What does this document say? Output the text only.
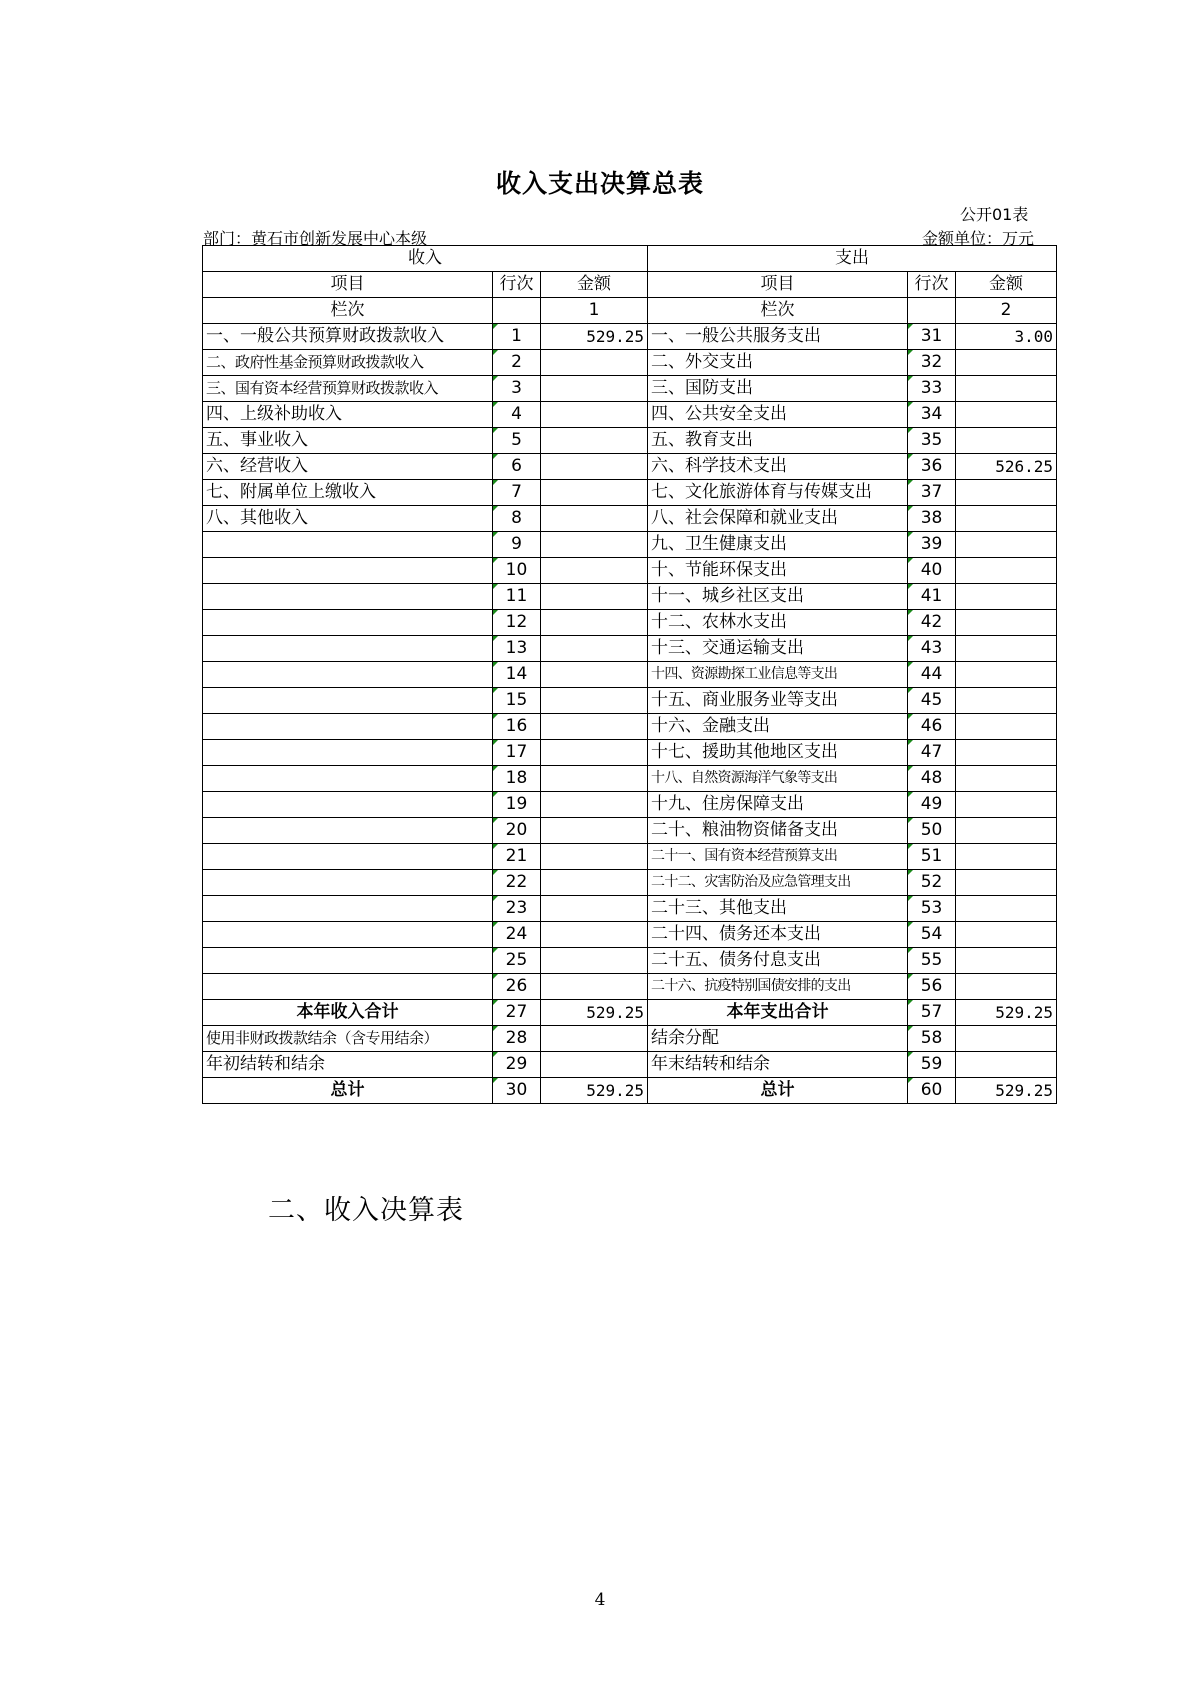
收入支出决算总表
公开01表
部门：黄石市创新发展中心本级	金额单位：万元
收入			支出		
项目	行次	金额	项目	行次	金额
栏次		1	栏次		2
一、一般公共预算财政拨款收入	1	529.25	一、一般公共服务支出	31	3.00
二、政府性基金预算财政拨款收入	2		二、外交支出	32	
三、国有资本经营预算财政拨款收入	3		三、国防支出	33	
四、上级补助收入	4		四、公共安全支出	34	
五、事业收入	5		五、教育支出	35	
六、经营收入	6		六、科学技术支出	36	526.25
七、附属单位上缴收入	7		七、文化旅游体育与传媒支出	37	
八、其他收入	8		八、社会保障和就业支出	38	
	9		九、卫生健康支出	39	
	10		十、节能环保支出	40	
	11		十一、城乡社区支出	41	
	12		十二、农林水支出	42	
	13		十三、交通运输支出	43	
	14		十四、资源勘探工业信息等支出	44	
	15		十五、商业服务业等支出	45	
	16		十六、金融支出	46	
	17		十七、援助其他地区支出	47	
	18		十八、自然资源海洋气象等支出	48	
	19		十九、住房保障支出	49	
	20		二十、粮油物资储备支出	50	
	21		二十一、国有资本经营预算支出	51	
	22		二十二、灾害防治及应急管理支出	52	
	23		二十三、其他支出	53	
	24		二十四、债务还本支出	54	
	25		二十五、债务付息支出	55	
	26		二十六、抗疫特别国债安排的支出	56	
本年收入合计	27	529.25	本年支出合计	57	529.25
使用非财政拨款结余（含专用结余）	28		结余分配	58	
年初结转和结余	29		年末结转和结余	59	
总计	30	529.25	总计	60	529.25
二、收入决算表
4
